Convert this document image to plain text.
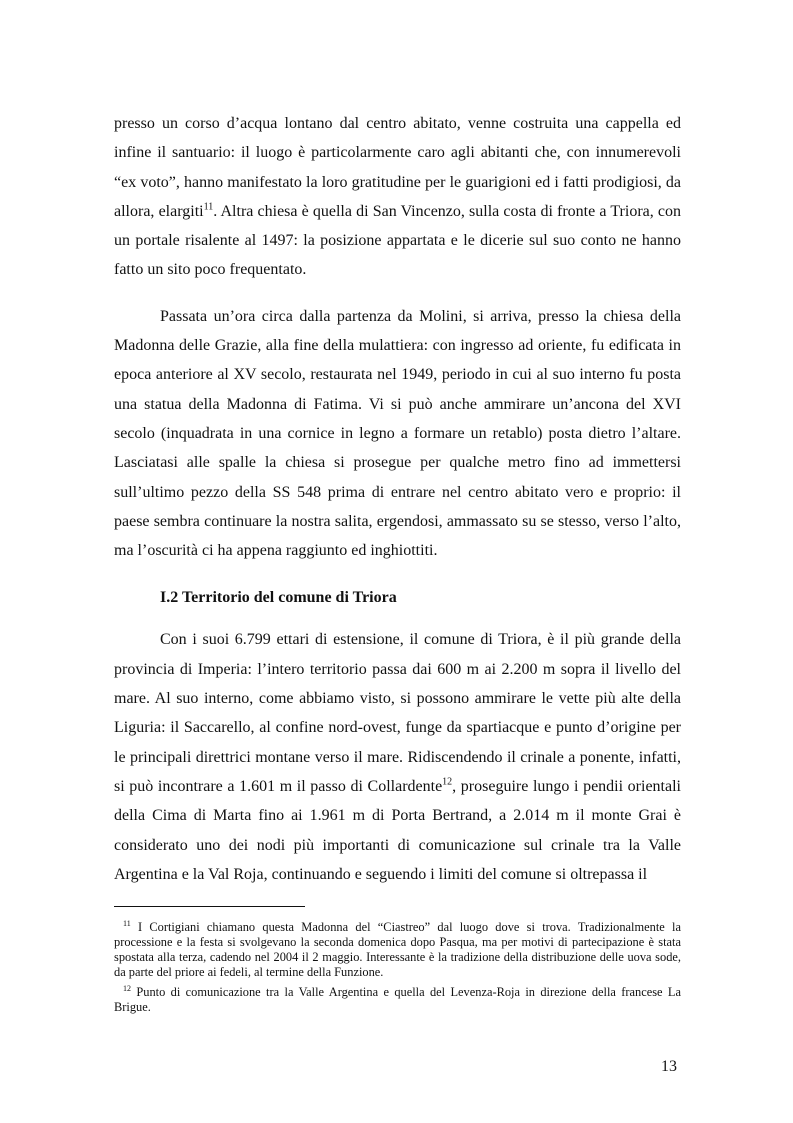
presso un corso d’acqua lontano dal centro abitato, venne costruita una cappella ed infine il santuario: il luogo è particolarmente caro agli abitanti che, con innumerevoli “ex voto”, hanno manifestato la loro gratitudine per le guarigioni ed i fatti prodigiosi, da allora, elargiti$^{11}$. Altra chiesa è quella di San Vincenzo, sulla costa di fronte a Triora, con un portale risalente al 1497: la posizione appartata e le dicerie sul suo conto ne hanno fatto un sito poco frequentato.

Passata un’ora circa dalla partenza da Molini, si arriva, presso la chiesa della Madonna delle Grazie, alla fine della mulattiera: con ingresso ad oriente, fu edificata in epoca anteriore al XV secolo, restaurata nel 1949, periodo in cui al suo interno fu posta una statua della Madonna di Fatima. Vi si può anche ammirare un’ancona del XVI secolo (inquadrata in una cornice in legno a formare un retablo) posta dietro l’altare. Lasciatasi alle spalle la chiesa si prosegue per qualche metro fino ad immettersi sull’ultimo pezzo della SS 548 prima di entrare nel centro abitato vero e proprio: il paese sembra continuare la nostra salita, ergendosi, ammassato su se stesso, verso l’alto, ma l’oscurità ci ha appena raggiunto ed inghiottiti.

I.2 Territorio del comune di Triora

Con i suoi 6.799 ettari di estensione, il comune di Triora, è il più grande della provincia di Imperia: l’intero territorio passa dai 600 m ai 2.200 m sopra il livello del mare. Al suo interno, come abbiamo visto, si possono ammirare le vette più alte della Liguria: il Saccarello, al confine nord-ovest, funge da spartiacque e punto d’origine per le principali direttrici montane verso il mare. Ridiscendendo il crinale a ponente, infatti, si può incontrare a 1.601 m il passo di Collardente$^{12}$, proseguire lungo i pendii orientali della Cima di Marta fino ai 1.961 m di Porta Bertrand, a 2.014 m il monte Grai è considerato uno dei nodi più importanti di comunicazione sul crinale tra la Valle Argentina e la Val Roja, continuando e seguendo i limiti del comune si oltrepassa il

$^{11}$ I Cortigiani chiamano questa Madonna del “Ciastreo” dal luogo dove si trova. Tradizionalmente la processione e la festa si svolgevano la seconda domenica dopo Pasqua, ma per motivi di partecipazione è stata spostata alla terza, cadendo nel 2004 il 2 maggio. Interessante è la tradizione della distribuzione delle uova sode, da parte del priore ai fedeli, al termine della Funzione.

$^{12}$ Punto di comunicazione tra la Valle Argentina e quella del Levenza-Roja in direzione della francese La Brigue.

13
